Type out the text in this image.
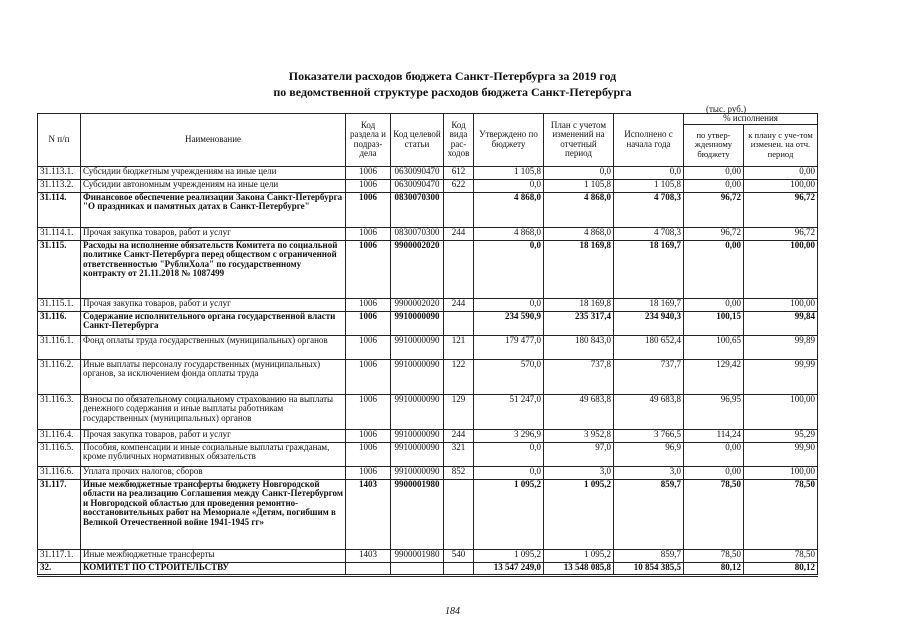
Показатели расходов бюджета Санкт-Петербурга за 2019 год
по ведомственной структуре расходов бюджета Санкт-Петербурга
(тыс. руб.)
N п/п	Наименование	Код раздела и подраз-дела	Код целевой статьи	Код вида рас-ходов	Утверждено по бюджету	План с учетом изменений на отчетный период	Исполнено с начала года	% исполнения	
								по утвер-жденному бюджету	к плану с уче-том изменен. на отч. период
31.113.1.	Субсидии бюджетным учреждениям на иные цели	1006	0630090470	612	1 105,8	0,0	0,0	0,00	0,00
31.113.2.	Субсидии автономным учреждениям на иные цели	1006	0630090470	622	0,0	1 105,8	1 105,8	0,00	100,00
31.114.	Финансовое обеспечение реализации Закона Санкт-Петербурга "О праздниках и памятных датах в Санкт-Петербурге"	1006	0830070300		4 868,0	4 868,0	4 708,3	96,72	96,72
31.114.1.	Прочая закупка товаров, работ и услуг	1006	0830070300	244	4 868,0	4 868,0	4 708,3	96,72	96,72
31.115.	Расходы на исполнение обязательств Комитета по социальной политике Санкт-Петербурга перед обществом с ограниченной ответственностью "РублиХола" по государственному контракту от 21.11.2018 № 1087499	1006	9900002020		0,0	18 169,8	18 169,7	0,00	100,00
31.115.1.	Прочая закупка товаров, работ и услуг	1006	9900002020	244	0,0	18 169,8	18 169,7	0,00	100,00
31.116.	Содержание исполнительного органа государственной власти Санкт-Петербурга	1006	9910000090		234 590,9	235 317,4	234 940,3	100,15	99,84
31.116.1.	Фонд оплаты труда государственных (муниципальных) органов	1006	9910000090	121	179 477,0	180 843,0	180 652,4	100,65	99,89
31.116.2.	Иные выплаты персоналу государственных (муниципальных) органов, за исключением фонда оплаты труда	1006	9910000090	122	570,0	737,8	737,7	129,42	99,99
31.116.3.	Взносы по обязательному социальному страхованию на выплаты денежного содержания и иные выплаты работникам государственных (муниципальных) органов	1006	9910000090	129	51 247,0	49 683,8	49 683,8	96,95	100,00
31.116.4.	Прочая закупка товаров, работ и услуг	1006	9910000090	244	3 296,9	3 952,8	3 766,5	114,24	95,29
31.116.5.	Пособия, компенсации и иные социальные выплаты гражданам, кроме публичных нормативных обязательств	1006	9910000090	321	0,0	97,0	96,9	0,00	99,90
31.116.6.	Уплата прочих налогов, сборов	1006	9910000090	852	0,0	3,0	3,0	0,00	100,00
31.117.	Иные межбюджетные трансферты бюджету Новгородской области на реализацию Соглашения между Санкт-Петербургом и Новгородской областью для проведения ремонтно-восстановительных работ на Мемориале «Детям, погибшим в Великой Отечественной войне 1941-1945 гг»	1403	9900001980		1 095,2	1 095,2	859,7	78,50	78,50
31.117.1.	Иные межбюджетные трансферты	1403	9900001980	540	1 095,2	1 095,2	859,7	78,50	78,50
32.	КОМИТЕТ ПО СТРОИТЕЛЬСТВУ				13 547 249,0	13 548 085,8	10 854 385,5	80,12	80,12
184
